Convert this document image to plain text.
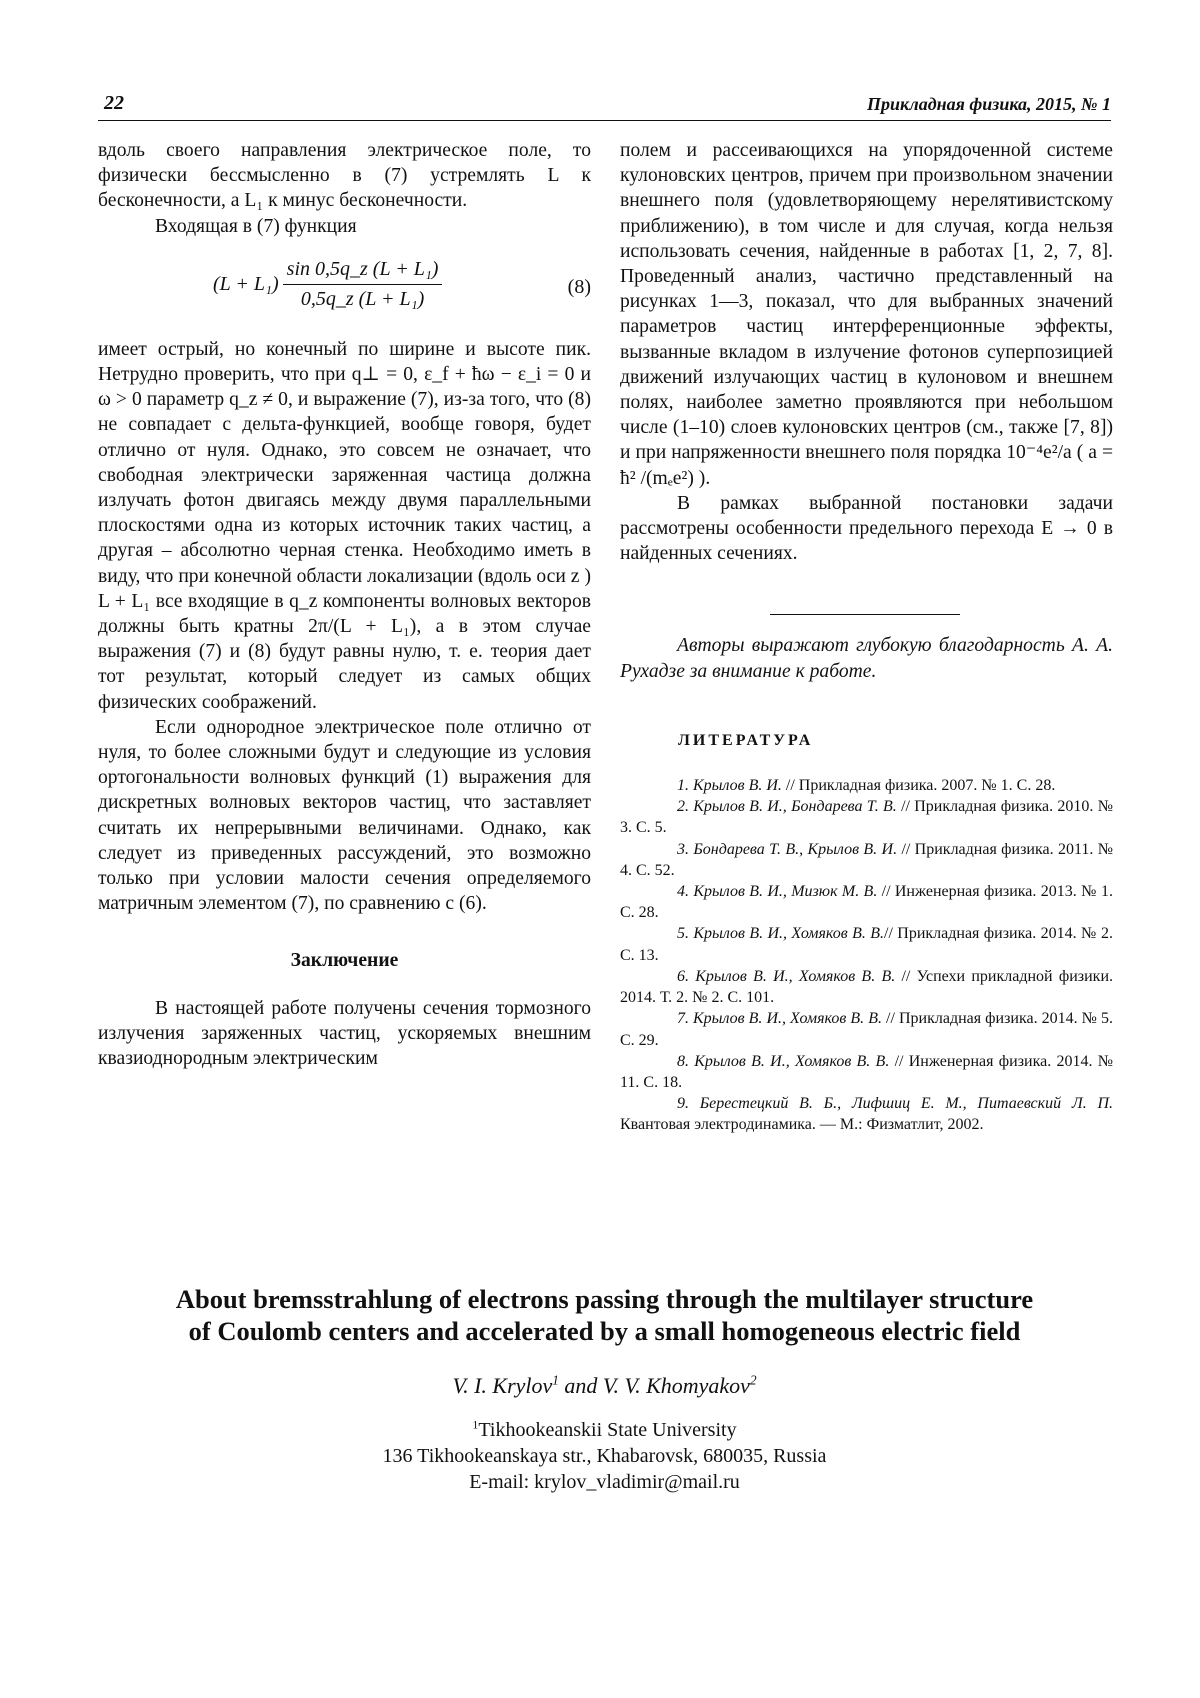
22	Прикладная физика, 2015, № 1

вдоль своего направления электрическое поле, то физически бессмысленно в (7) устремлять L к бесконечности, а L₁ к минус бесконечности.

Входящая в (7) функция

$(L + L_1) \frac{\text{sin 0,5q\_z (L + L₁)}}{\text{0,5q\_z (L + L₁)}}$	(8)

имеет острый, но конечный по ширине и высоте пик. Нетрудно проверить, что при q⊥ = 0, ε_f + ħω − ε_i = 0 и ω > 0 параметр q_z ≠ 0, и выражение (7), из-за того, что (8) не совпадает с дельта-функцией, вообще говоря, будет отлично от нуля. Однако, это совсем не означает, что свободная электрически заряженная частица должна излучать фотон двигаясь между двумя параллельными плоскостями одна из которых источник таких частиц, а другая – абсолютно черная стенка. Необходимо иметь в виду, что при конечной области локализации (вдоль оси z ) L + L₁ все входящие в q_z компоненты волновых векторов должны быть кратны 2π/(L + L₁), а в этом случае выражения (7) и (8) будут равны нулю, т. е. теория дает тот результат, который следует из самых общих физических соображений.

Если однородное электрическое поле отлично от нуля, то более сложными будут и следующие из условия ортогональности волновых функций (1) выражения для дискретных волновых векторов частиц, что заставляет считать их непрерывными величинами. Однако, как следует из приведенных рассуждений, это возможно только при условии малости сечения определяемого матричным элементом (7), по сравнению с (6).

Заключение

В настоящей работе получены сечения тормозного излучения заряженных частиц, ускоряемых внешним квазиоднородным электрическим

полем и рассеивающихся на упорядоченной системе кулоновских центров, причем при произвольном значении внешнего поля (удовлетворяющему нерелятивистскому приближению), в том числе и для случая, когда нельзя использовать сечения, найденные в работах [1, 2, 7, 8]. Проведенный анализ, частично представленный на рисунках 1—3, показал, что для выбранных значений параметров частиц интерференционные эффекты, вызванные вкладом в излучение фотонов суперпозицией движений излучающих частиц в кулоновом и внешнем полях, наиболее заметно проявляются при небольшом числе (1–10) слоев кулоновских центров (см., также [7, 8]) и при напряженности внешнего поля порядка 10⁻⁴e²/a ( a = ħ² /(mₑe²) ).

В рамках выбранной постановки задачи рассмотрены особенности предельного перехода E → 0 в найденных сечениях.

Авторы выражают глубокую благодарность А. А. Рухадзе за внимание к работе.

ЛИТЕРАТУРА

1. Крылов В. И. // Прикладная физика. 2007. № 1. С. 28.

2. Крылов В. И., Бондарева Т. В. // Прикладная физика. 2010. № 3. С. 5.

3. Бондарева Т. В., Крылов В. И. // Прикладная физика. 2011. № 4. С. 52.

4. Крылов В. И., Мизюк М. В. // Инженерная физика. 2013. № 1. С. 28.

5. Крылов В. И., Хомяков В. В.// Прикладная физика. 2014. № 2. С. 13.

6. Крылов В. И., Хомяков В. В. // Успехи прикладной физики. 2014. Т. 2. № 2. С. 101.

7. Крылов В. И., Хомяков В. В. // Прикладная физика. 2014. № 5. С. 29.

8. Крылов В. И., Хомяков В. В. // Инженерная физика. 2014. № 11. С. 18.

9. Берестецкий В. Б., Лифшиц Е. М., Питаевский Л. П. Квантовая электродинамика. — М.: Физматлит, 2002.

About bremsstrahlung of electrons passing through the multilayer structure
of Coulomb centers and accelerated by a small homogeneous electric field
V. I. Krylov$^1$ and V. V. Khomyakov$^2$
$^1$Tikhookeanskii State University
136 Tikhookeanskaya str., Khabarovsk, 680035, Russia
E-mail: krylov_vladimir@mail.ru
